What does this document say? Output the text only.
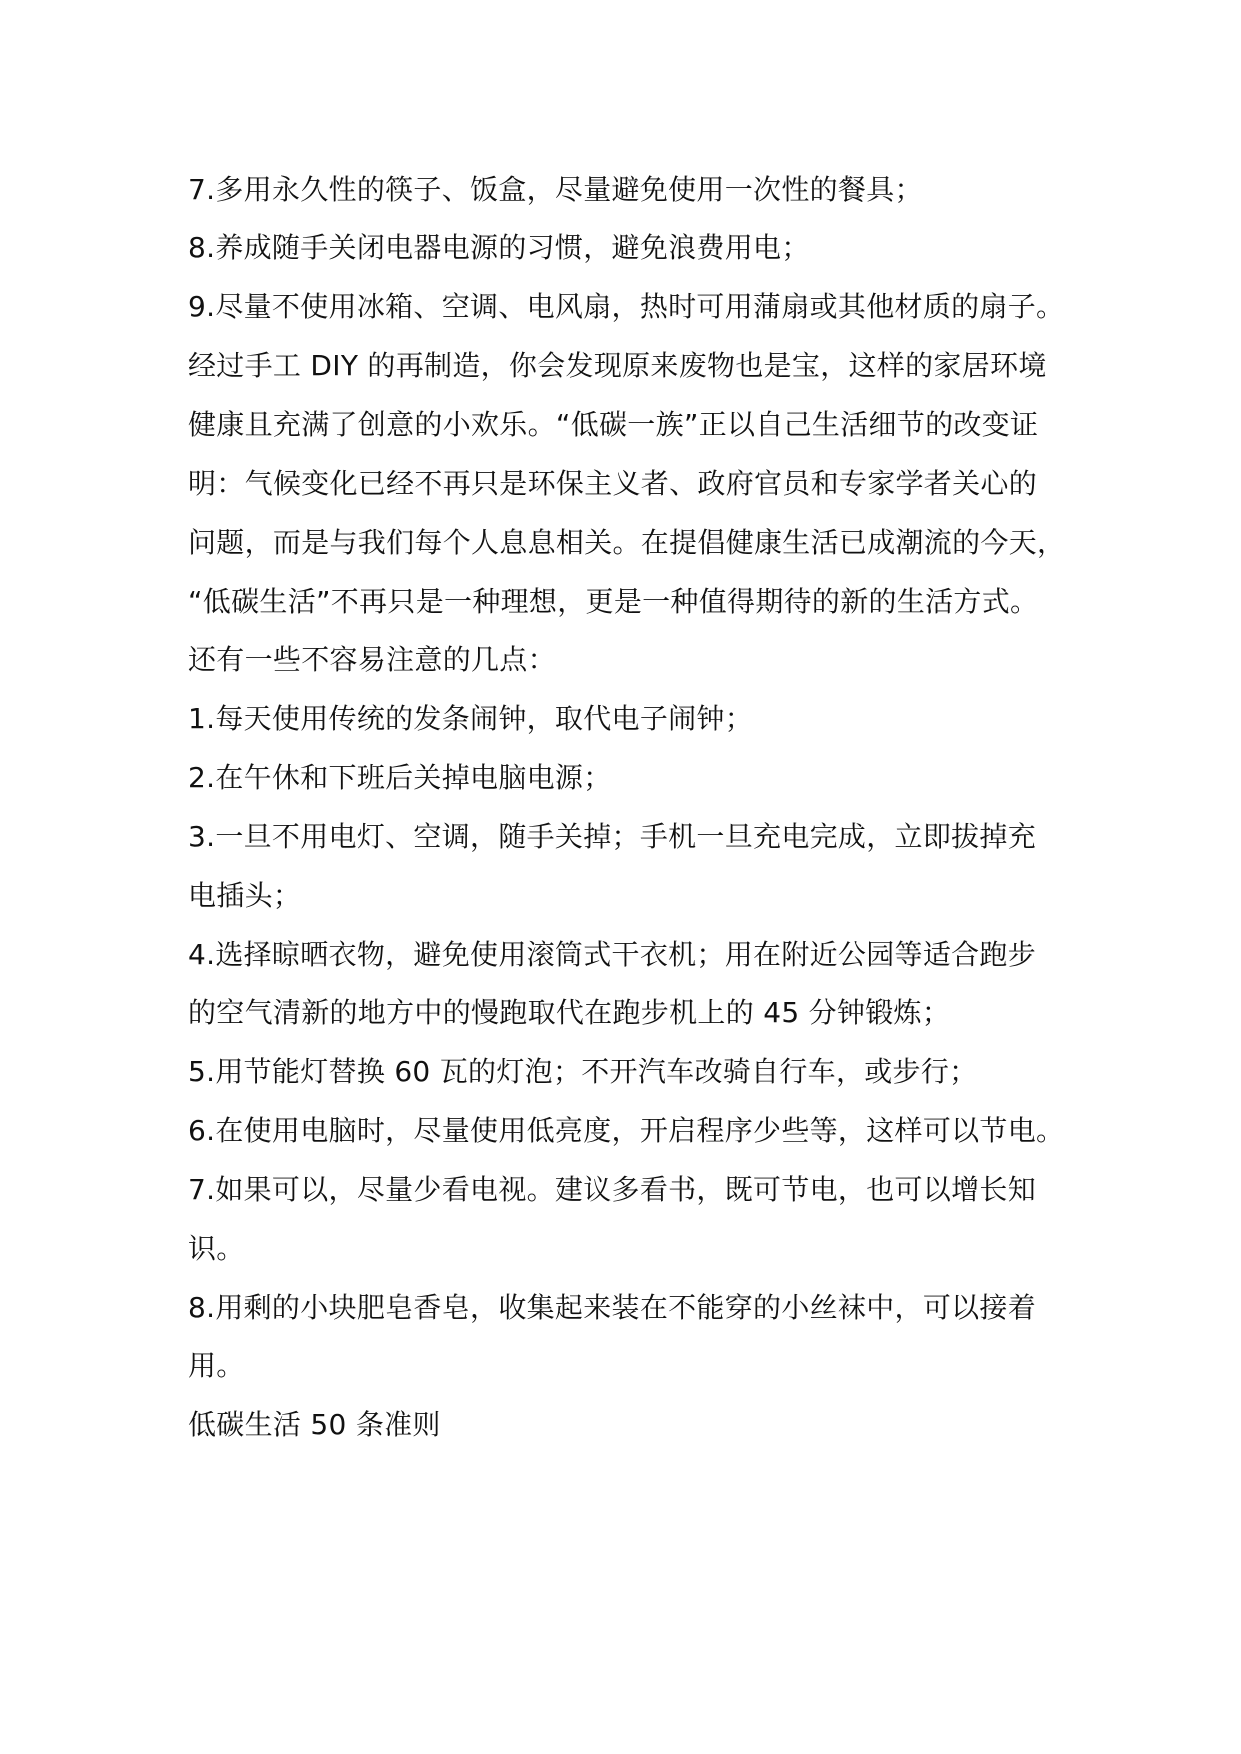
7.多用永久性的筷子、饭盒，尽量避免使用一次性的餐具；
8.养成随手关闭电器电源的习惯，避免浪费用电；
9.尽量不使用冰箱、空调、电风扇，热时可用蒲扇或其他材质的扇子。
经过手工 DIY 的再制造，你会发现原来废物也是宝，这样的家居环境
健康且充满了创意的小欢乐。“低碳一族”正以自己生活细节的改变证
明：气候变化已经不再只是环保主义者、政府官员和专家学者关心的
问题，而是与我们每个人息息相关。在提倡健康生活已成潮流的今天，
“低碳生活”不再只是一种理想，更是一种值得期待的新的生活方式。
还有一些不容易注意的几点：
1.每天使用传统的发条闹钟，取代电子闹钟；
2.在午休和下班后关掉电脑电源；
3.一旦不用电灯、空调，随手关掉；手机一旦充电完成，立即拔掉充
电插头；
4.选择晾晒衣物，避免使用滚筒式干衣机；用在附近公园等适合跑步
的空气清新的地方中的慢跑取代在跑步机上的 45 分钟锻炼；
5.用节能灯替换 60 瓦的灯泡；不开汽车改骑自行车，或步行；
6.在使用电脑时，尽量使用低亮度，开启程序少些等，这样可以节电。
7.如果可以，尽量少看电视。建议多看书，既可节电，也可以增长知
识。
8.用剩的小块肥皂香皂，收集起来装在不能穿的小丝袜中，可以接着
用。
低碳生活 50 条准则
